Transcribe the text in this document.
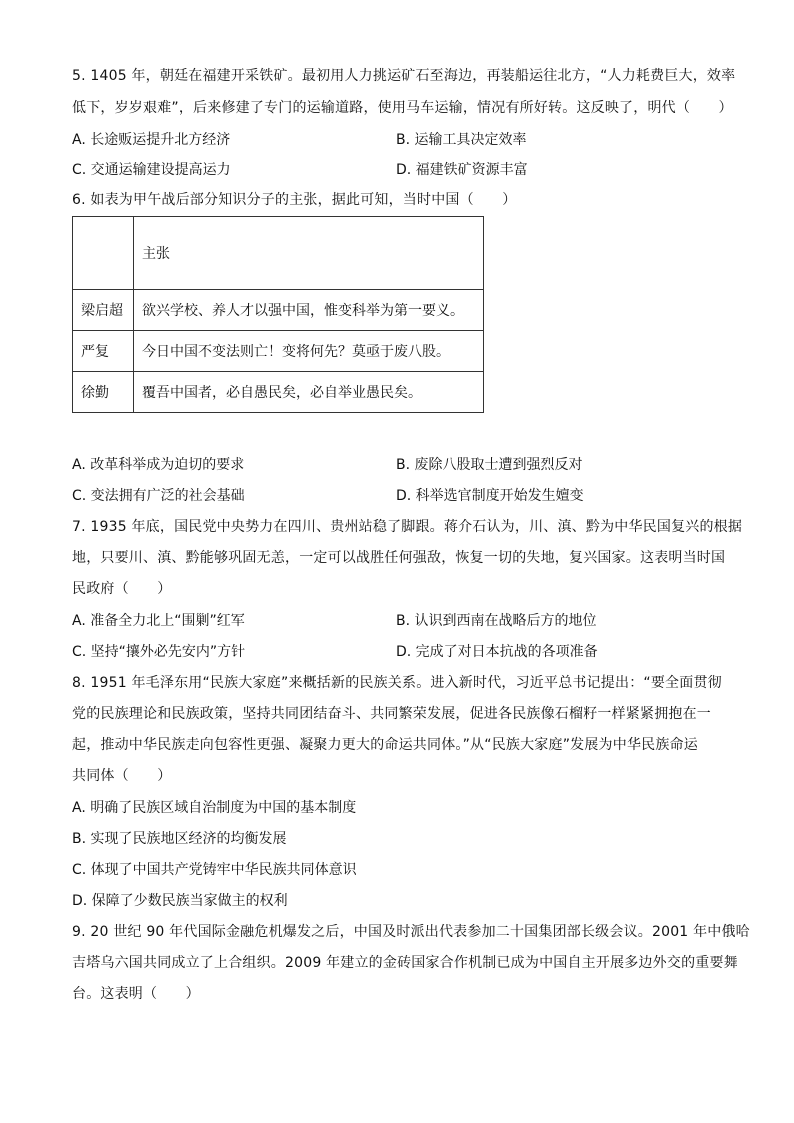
5. 1405 年，朝廷在福建开采铁矿。最初用人力挑运矿石至海边，再装船运往北方，“人力耗费巨大，效率
低下，岁岁艰难”，后来修建了专门的运输道路，使用马车运输，情况有所好转。这反映了，明代（　　）
A. 长途贩运提升北方经济	B. 运输工具决定效率
C. 交通运输建设提高运力	D. 福建铁矿资源丰富
6. 如表为甲午战后部分知识分子的主张，据此可知，当时中国（　　）
	主张
梁启超	欲兴学校、养人才以强中国，惟变科举为第一要义。
严复	今日中国不变法则亡！变将何先？莫亟于废八股。
徐勤	覆吾中国者，必自愚民矣，必自举业愚民矣。
A. 改革科举成为迫切的要求	B. 废除八股取士遭到强烈反对
C. 变法拥有广泛的社会基础	D. 科举选官制度开始发生嬗变
7. 1935 年底，国民党中央势力在四川、贵州站稳了脚跟。蒋介石认为，川、滇、黔为中华民国复兴的根据
地，只要川、滇、黔能够巩固无恙，一定可以战胜任何强敌，恢复一切的失地，复兴国家。这表明当时国
民政府（　　）
A. 准备全力北上“围剿”红军	B. 认识到西南在战略后方的地位
C. 坚持“攘外必先安内”方针	D. 完成了对日本抗战的各项准备
8. 1951 年毛泽东用“民族大家庭”来概括新的民族关系。进入新时代，习近平总书记提出：“要全面贯彻
党的民族理论和民族政策，坚持共同团结奋斗、共同繁荣发展，促进各民族像石榴籽一样紧紧拥抱在一
起，推动中华民族走向包容性更强、凝聚力更大的命运共同体。”从“民族大家庭”发展为中华民族命运
共同体（　　）
A. 明确了民族区域自治制度为中国的基本制度
B. 实现了民族地区经济的均衡发展
C. 体现了中国共产党铸牢中华民族共同体意识
D. 保障了少数民族当家做主的权利
9. 20 世纪 90 年代国际金融危机爆发之后，中国及时派出代表参加二十国集团部长级会议。2001 年中俄哈
吉塔乌六国共同成立了上合组织。2009 年建立的金砖国家合作机制已成为中国自主开展多边外交的重要舞
台。这表明（　　）
